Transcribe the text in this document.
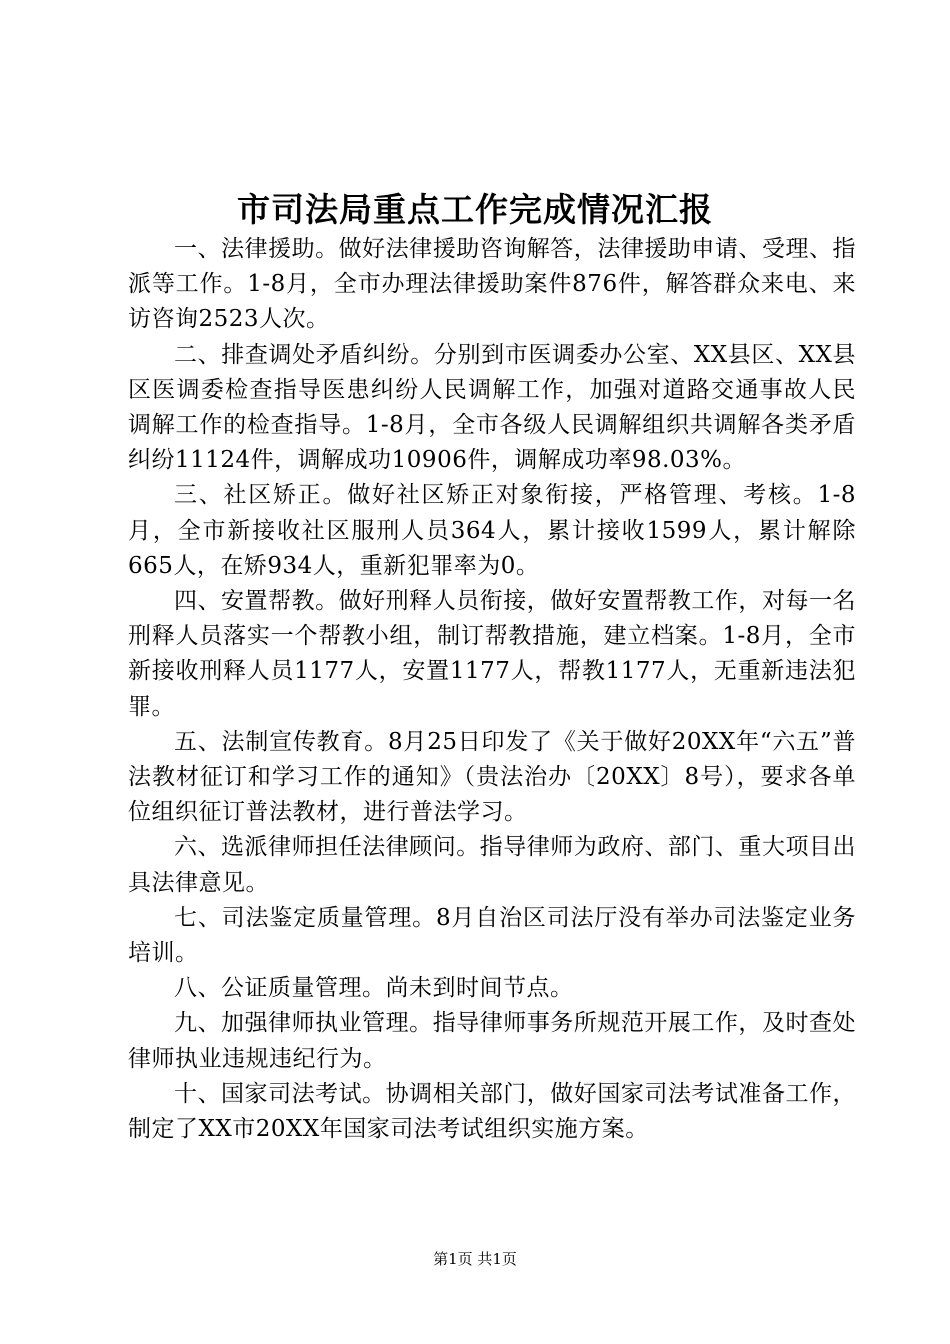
市司法局重点工作完成情况汇报

一、法律援助。做好法律援助咨询解答，法律援助申请、受理、指派等工作。1-8月，全市办理法律援助案件876件，解答群众来电、来访咨询2523人次。

二、排查调处矛盾纠纷。分别到市医调委办公室、XX县区、XX县区医调委检查指导医患纠纷人民调解工作，加强对道路交通事故人民调解工作的检查指导。1-8月，全市各级人民调解组织共调解各类矛盾纠纷11124件，调解成功10906件，调解成功率98.03%。

三、社区矫正。做好社区矫正对象衔接，严格管理、考核。1-8月，全市新接收社区服刑人员364人，累计接收1599人，累计解除665人，在矫934人，重新犯罪率为0。

四、安置帮教。做好刑释人员衔接，做好安置帮教工作，对每一名刑释人员落实一个帮教小组，制订帮教措施，建立档案。1-8月，全市新接收刑释人员1177人，安置1177人，帮教1177人，无重新违法犯罪。

五、法制宣传教育。8月25日印发了《关于做好20XX年“六五”普法教材征订和学习工作的通知》（贵法治办〔20XX〕8号），要求各单位组织征订普法教材，进行普法学习。

六、选派律师担任法律顾问。指导律师为政府、部门、重大项目出具法律意见。

七、司法鉴定质量管理。8月自治区司法厅没有举办司法鉴定业务培训。

八、公证质量管理。尚未到时间节点。

九、加强律师执业管理。指导律师事务所规范开展工作，及时查处律师执业违规违纪行为。

十、国家司法考试。协调相关部门，做好国家司法考试准备工作，制定了XX市20XX年国家司法考试组织实施方案。

第1页 共1页
